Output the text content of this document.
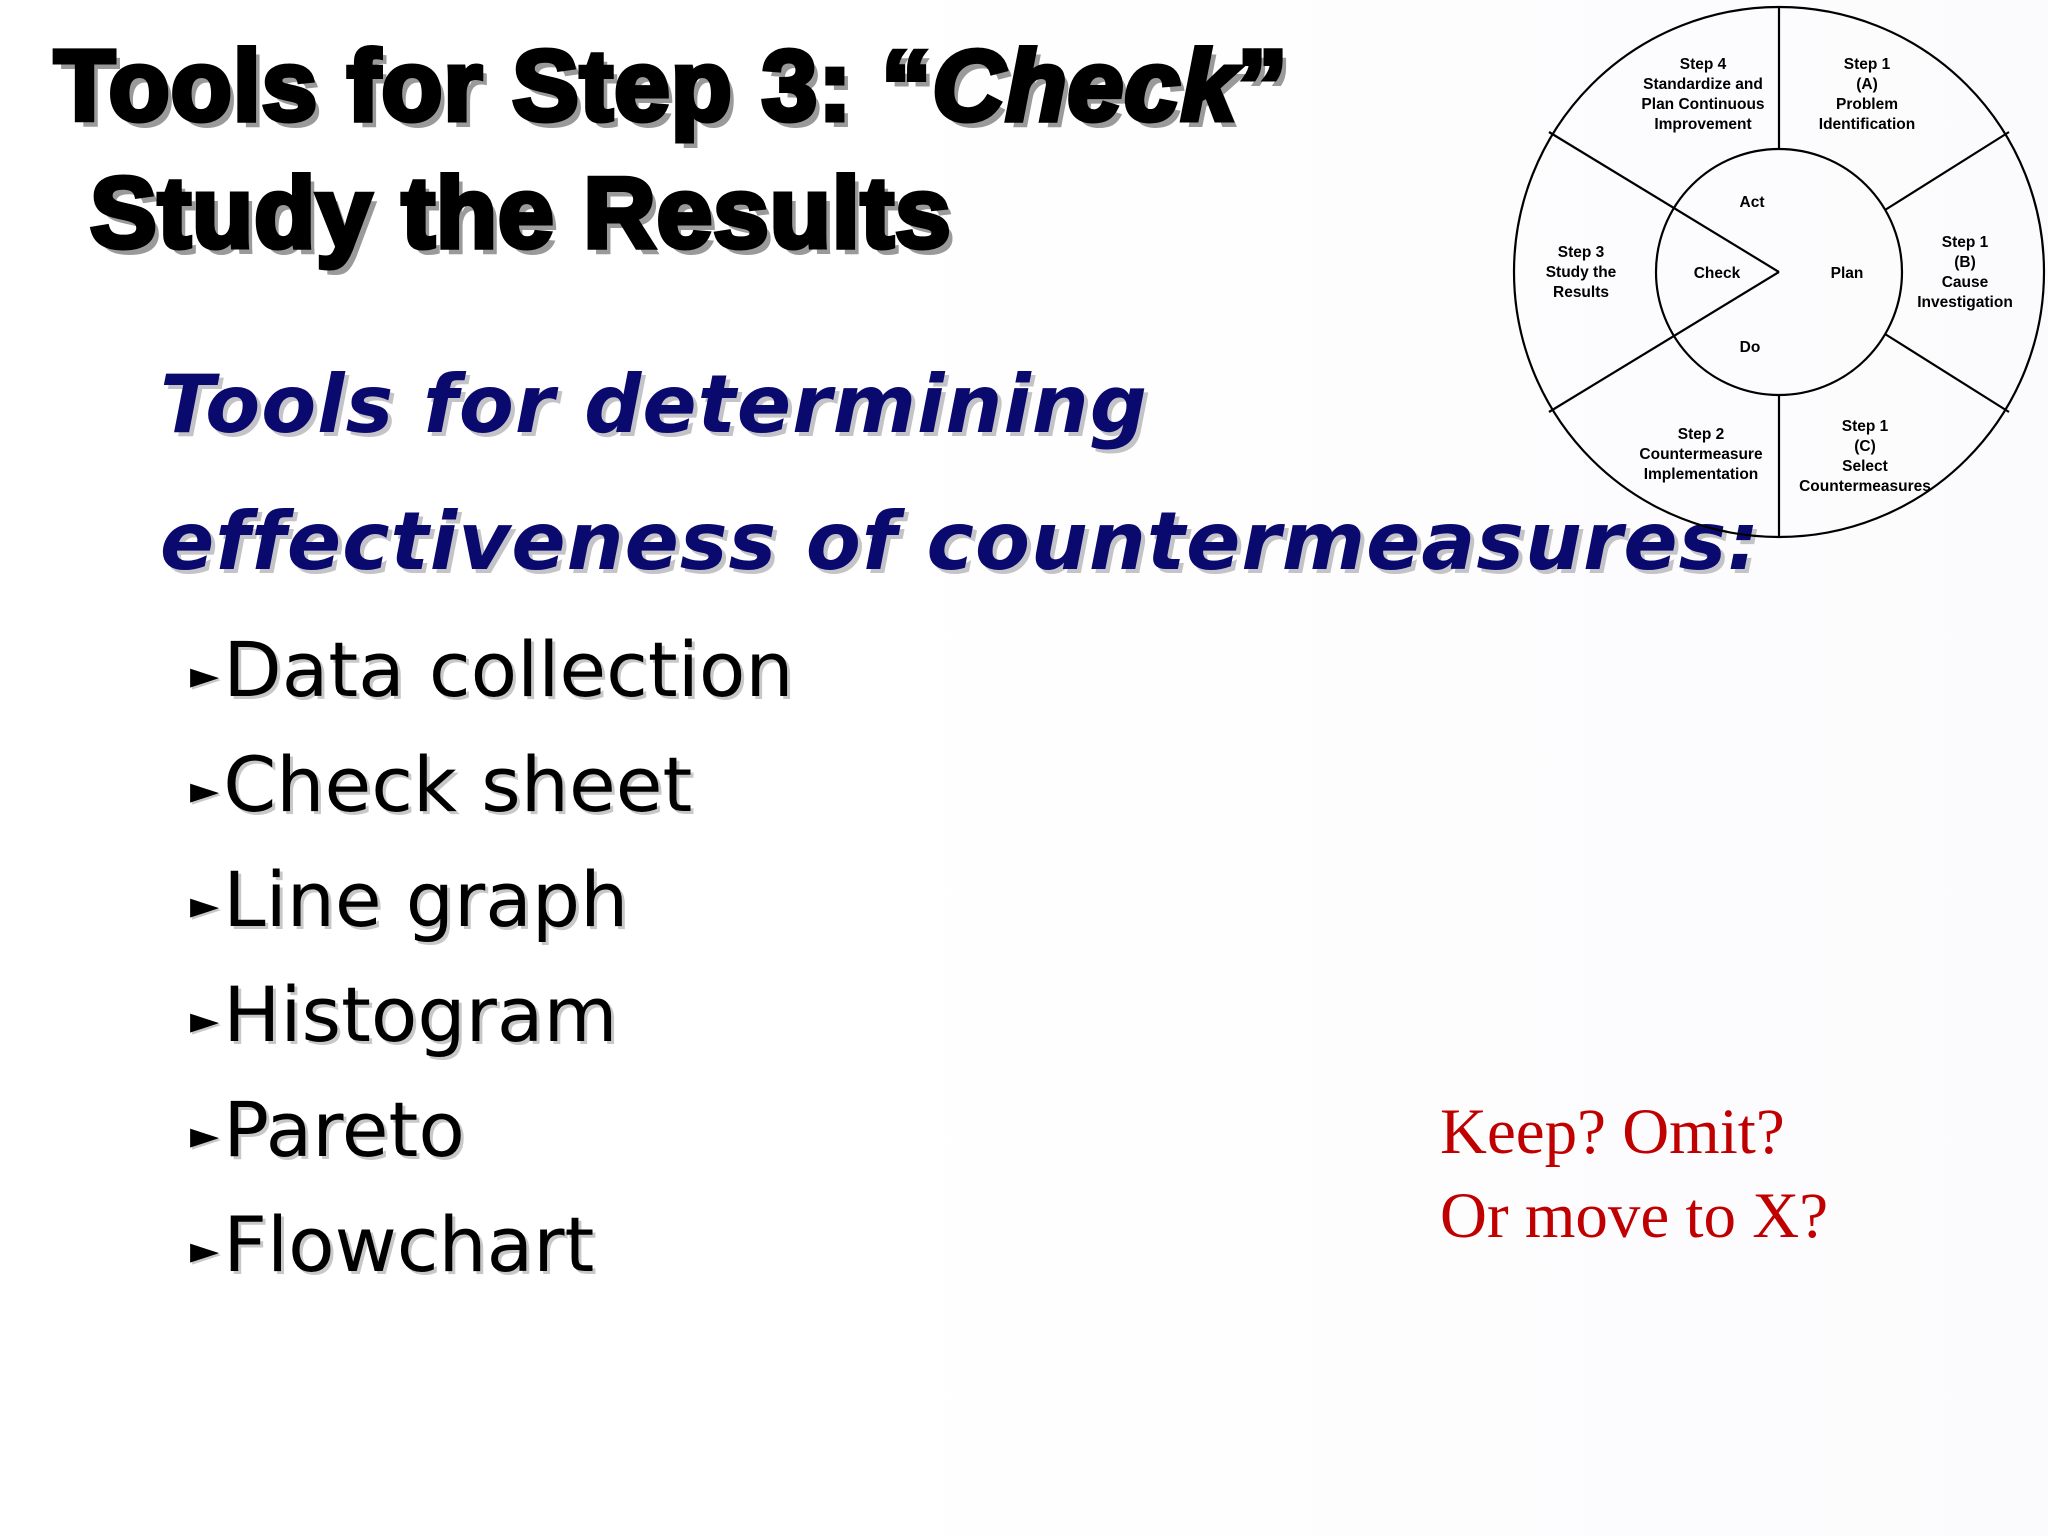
Tools for Step 3: “Check”
Study the Results
Tools for determining
effectiveness of countermeasures:
► Data collection
► Check sheet
► Line graph
► Histogram
► Pareto
► Flowchart
Keep? Omit?
Or move to X?
Act
Plan
Check
Do
Step 4
Standardize and
Plan Continuous
Improvement
Step 1
(A)
Problem
Identification
Step 1
(B)
Cause
Investigation
Step 1
(C)
Select
Countermeasures
Step 2
Countermeasure
Implementation
Step 3
Study the
Results
